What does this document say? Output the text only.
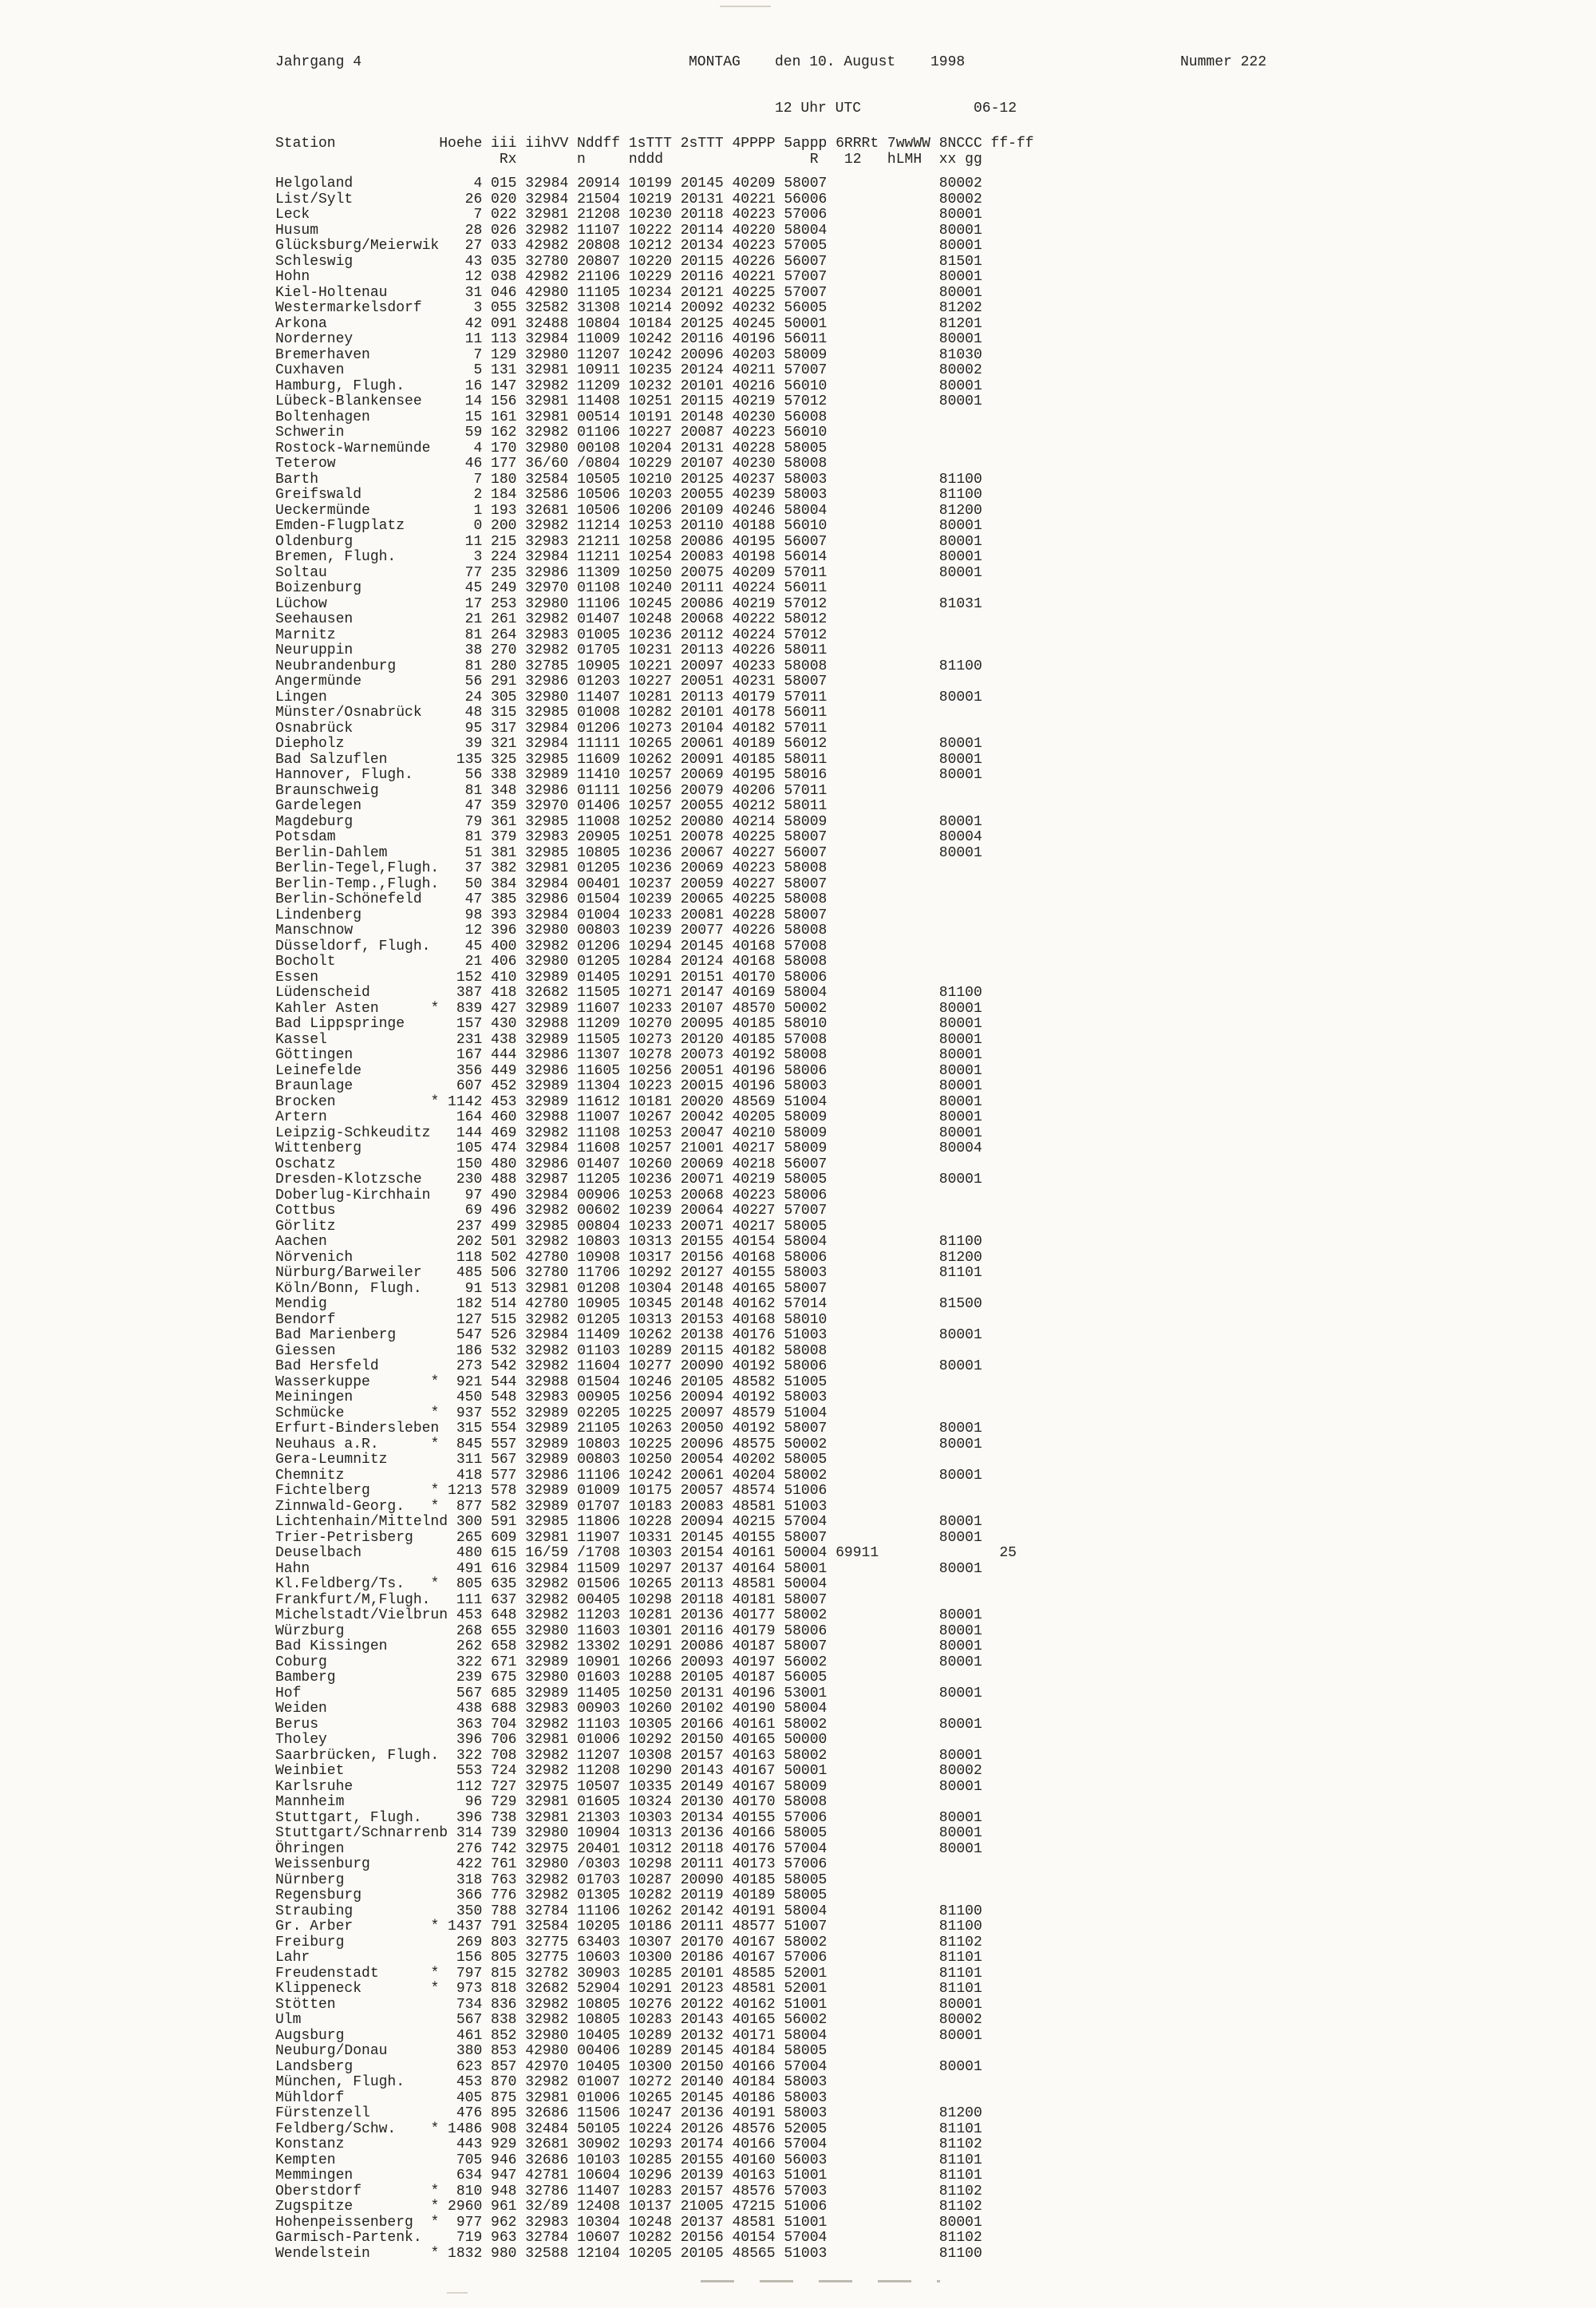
Jahrgang 4	MONTAG den 10. August 1998	Nummer 222
12 Uhr UTC	06-12
Station            Hoehe iii iihVV Nddff 1sTTT 2sTTT 4PPPP 5appp 6RRRt 7wwWW 8NCCC ff-ff
Rx       n     nddd                 R   12   hLMH  xx gg
Helgoland              4 015 32984 20914 10199 20145 40209 58007	80002
List/Sylt             26 020 32984 21504 10219 20131 40221 56006	80002
Leck                   7 022 32981 21208 10230 20118 40223 57006	80001
Husum                 28 026 32982 11107 10222 20114 40220 58004	80001
Glücksburg/Meierwik   27 033 42982 20808 10212 20134 40223 57005	80001
Schleswig             43 035 32780 20807 10220 20115 40226 56007	81501
Hohn                  12 038 42982 21106 10229 20116 40221 57007	80001
Kiel-Holtenau         31 046 42980 11105 10234 20121 40225 57007	80001
Westermarkelsdorf      3 055 32582 31308 10214 20092 40232 56005	81202
Arkona                42 091 32488 10804 10184 20125 40245 50001	81201
Norderney             11 113 32984 11009 10242 20116 40196 56011	80001
Bremerhaven            7 129 32980 11207 10242 20096 40203 58009	81030
Cuxhaven               5 131 32981 10911 10235 20124 40211 57007	80002
Hamburg, Flugh.       16 147 32982 11209 10232 20101 40216 56010	80001
Lübeck-Blankensee     14 156 32981 11408 10251 20115 40219 57012	80001
Boltenhagen           15 161 32981 00514 10191 20148 40230 56008
Schwerin              59 162 32982 01106 10227 20087 40223 56010
Rostock-Warnemünde     4 170 32980 00108 10204 20131 40228 58005
Teterow               46 177 36/60 /0804 10229 20107 40230 58008
Barth                  7 180 32584 10505 10210 20125 40237 58003	81100
Greifswald             2 184 32586 10506 10203 20055 40239 58003	81100
Ueckermünde            1 193 32681 10506 10206 20109 40246 58004	81200
Emden-Flugplatz        0 200 32982 11214 10253 20110 40188 56010	80001
Oldenburg             11 215 32983 21211 10258 20086 40195 56007	80001
Bremen, Flugh.         3 224 32984 11211 10254 20083 40198 56014	80001
Soltau                77 235 32986 11309 10250 20075 40209 57011	80001
Boizenburg            45 249 32970 01108 10240 20111 40224 56011
Lüchow                17 253 32980 11106 10245 20086 40219 57012	81031
Seehausen             21 261 32982 01407 10248 20068 40222 58012
Marnitz               81 264 32983 01005 10236 20112 40224 57012
Neuruppin             38 270 32982 01705 10231 20113 40226 58011
Neubrandenburg        81 280 32785 10905 10221 20097 40233 58008	81100
Angermünde            56 291 32986 01203 10227 20051 40231 58007
Lingen                24 305 32980 11407 10281 20113 40179 57011	80001
Münster/Osnabrück     48 315 32985 01008 10282 20101 40178 56011
Osnabrück             95 317 32984 01206 10273 20104 40182 57011
Diepholz              39 321 32984 11111 10265 20061 40189 56012	80001
Bad Salzuflen        135 325 32985 11609 10262 20091 40185 58011	80001
Hannover, Flugh.      56 338 32989 11410 10257 20069 40195 58016	80001
Braunschweig          81 348 32986 01111 10256 20079 40206 57011
Gardelegen            47 359 32970 01406 10257 20055 40212 58011
Magdeburg             79 361 32985 11008 10252 20080 40214 58009	80001
Potsdam               81 379 32983 20905 10251 20078 40225 58007	80004
Berlin-Dahlem         51 381 32985 10805 10236 20067 40227 56007	80001
Berlin-Tegel,Flugh.   37 382 32981 01205 10236 20069 40223 58008
Berlin-Temp.,Flugh.   50 384 32984 00401 10237 20059 40227 58007
Berlin-Schönefeld     47 385 32986 01504 10239 20065 40225 58008
Lindenberg            98 393 32984 01004 10233 20081 40228 58007
Manschnow             12 396 32980 00803 10239 20077 40226 58008
Düsseldorf, Flugh.    45 400 32982 01206 10294 20145 40168 57008
Bocholt               21 406 32980 01205 10284 20124 40168 58008
Essen                152 410 32989 01405 10291 20151 40170 58006
Lüdenscheid          387 418 32682 11505 10271 20147 40169 58004	81100
Kahler Asten      *  839 427 32989 11607 10233 20107 48570 50002	80001
Bad Lippspringe      157 430 32988 11209 10270 20095 40185 58010	80001
Kassel               231 438 32989 11505 10273 20120 40185 57008	80001
Göttingen            167 444 32986 11307 10278 20073 40192 58008	80001
Leinefelde           356 449 32986 11605 10256 20051 40196 58006	80001
Braunlage            607 452 32989 11304 10223 20015 40196 58003	80001
Brocken           * 1142 453 32989 11612 10181 20020 48569 51004	80001
Artern               164 460 32988 11007 10267 20042 40205 58009	80001
Leipzig-Schkeuditz   144 469 32982 11108 10253 20047 40210 58009	80001
Wittenberg           105 474 32984 11608 10257 21001 40217 58009	80004
Oschatz              150 480 32986 01407 10260 20069 40218 56007
Dresden-Klotzsche    230 488 32987 11205 10236 20071 40219 58005	80001
Doberlug-Kirchhain    97 490 32984 00906 10253 20068 40223 58006
Cottbus               69 496 32982 00602 10239 20064 40227 57007
Görlitz              237 499 32985 00804 10233 20071 40217 58005
Aachen               202 501 32982 10803 10313 20155 40154 58004	81100
Nörvenich            118 502 42780 10908 10317 20156 40168 58006	81200
Nürburg/Barweiler    485 506 32780 11706 10292 20127 40155 58003	81101
Köln/Bonn, Flugh.     91 513 32981 01208 10304 20148 40165 58007
Mendig               182 514 42780 10905 10345 20148 40162 57014	81500
Bendorf              127 515 32982 01205 10313 20153 40168 58010
Bad Marienberg       547 526 32984 11409 10262 20138 40176 51003	80001
Giessen              186 532 32982 01103 10289 20115 40182 58008
Bad Hersfeld         273 542 32982 11604 10277 20090 40192 58006	80001
Wasserkuppe       *  921 544 32988 01504 10246 20105 48582 51005
Meiningen            450 548 32983 00905 10256 20094 40192 58003
Schmücke          *  937 552 32989 02205 10225 20097 48579 51004
Erfurt-Bindersleben  315 554 32989 21105 10263 20050 40192 58007	80001
Neuhaus a.R.      *  845 557 32989 10803 10225 20096 48575 50002	80001
Gera-Leumnitz        311 567 32989 00803 10250 20054 40202 58005
Chemnitz             418 577 32986 11106 10242 20061 40204 58002	80001
Fichtelberg       * 1213 578 32989 01009 10175 20057 48574 51006
Zinnwald-Georg.   *  877 582 32989 01707 10183 20083 48581 51003
Lichtenhain/Mittelnd 300 591 32985 11806 10228 20094 40215 57004	80001
Trier-Petrisberg     265 609 32981 11907 10331 20145 40155 58007	80001
Deuselbach           480 615 16/59 /1708 10303 20154 40161 50004 69911	25
Hahn                 491 616 32984 11509 10297 20137 40164 58001	80001
Kl.Feldberg/Ts.   *  805 635 32982 01506 10265 20113 48581 50004
Frankfurt/M,Flugh.   111 637 32982 00405 10298 20118 40181 58007
Michelstadt/Vielbrun 453 648 32982 11203 10281 20136 40177 58002	80001
Würzburg             268 655 32980 11603 10301 20116 40179 58006	80001
Bad Kissingen        262 658 32982 13302 10291 20086 40187 58007	80001
Coburg               322 671 32989 10901 10266 20093 40197 56002	80001
Bamberg              239 675 32980 01603 10288 20105 40187 56005
Hof                  567 685 32989 11405 10250 20131 40196 53001	80001
Weiden               438 688 32983 00903 10260 20102 40190 58004
Berus                363 704 32982 11103 10305 20166 40161 58002	80001
Tholey               396 706 32981 01006 10292 20150 40165 50000
Saarbrücken, Flugh.  322 708 32982 11207 10308 20157 40163 58002	80001
Weinbiet             553 724 32982 11208 10290 20143 40167 50001	80002
Karlsruhe            112 727 32975 10507 10335 20149 40167 58009	80001
Mannheim              96 729 32981 01605 10324 20130 40170 58008
Stuttgart, Flugh.    396 738 32981 21303 10303 20134 40155 57006	80001
Stuttgart/Schnarrenb 314 739 32980 10904 10313 20136 40166 58005	80001
Öhringen             276 742 32975 20401 10312 20118 40176 57004	80001
Weissenburg          422 761 32980 /0303 10298 20111 40173 57006
Nürnberg             318 763 32982 01703 10287 20090 40185 58005
Regensburg           366 776 32982 01305 10282 20119 40189 58005
Straubing            350 788 32784 11106 10262 20142 40191 58004	81100
Gr. Arber         * 1437 791 32584 10205 10186 20111 48577 51007	81100
Freiburg             269 803 32775 63403 10307 20170 40167 58002	81102
Lahr                 156 805 32775 10603 10300 20186 40167 57006	81101
Freudenstadt      *  797 815 32782 30903 10285 20101 48585 52001	81101
Klippeneck        *  973 818 32682 52904 10291 20123 48581 52001	81101
Stötten              734 836 32982 10805 10276 20122 40162 51001	80001
Ulm                  567 838 32982 10805 10283 20143 40165 56002	80002
Augsburg             461 852 32980 10405 10289 20132 40171 58004	80001
Neuburg/Donau        380 853 42980 00406 10289 20145 40184 58005
Landsberg            623 857 42970 10405 10300 20150 40166 57004	80001
München, Flugh.      453 870 32982 01007 10272 20140 40184 58003
Mühldorf             405 875 32981 01006 10265 20145 40186 58003
Fürstenzell          476 895 32686 11506 10247 20136 40191 58003	81200
Feldberg/Schw.    * 1486 908 32484 50105 10224 20126 48576 52005	81101
Konstanz             443 929 32681 30902 10293 20174 40166 57004	81102
Kempten              705 946 32686 10103 10285 20155 40160 56003	81101
Memmingen            634 947 42781 10604 10296 20139 40163 51001	81101
Oberstdorf        *  810 948 32786 11407 10283 20157 48576 57003	81102
Zugspitze         * 2960 961 32/89 12408 10137 21005 47215 51006	81102
Hohenpeissenberg  *  977 962 32983 10304 10248 20137 48581 51001	80001
Garmisch-Partenk.    719 963 32784 10607 10282 20156 40154 57004	81102
Wendelstein       * 1832 980 32588 12104 10205 20105 48565 51003	81100
